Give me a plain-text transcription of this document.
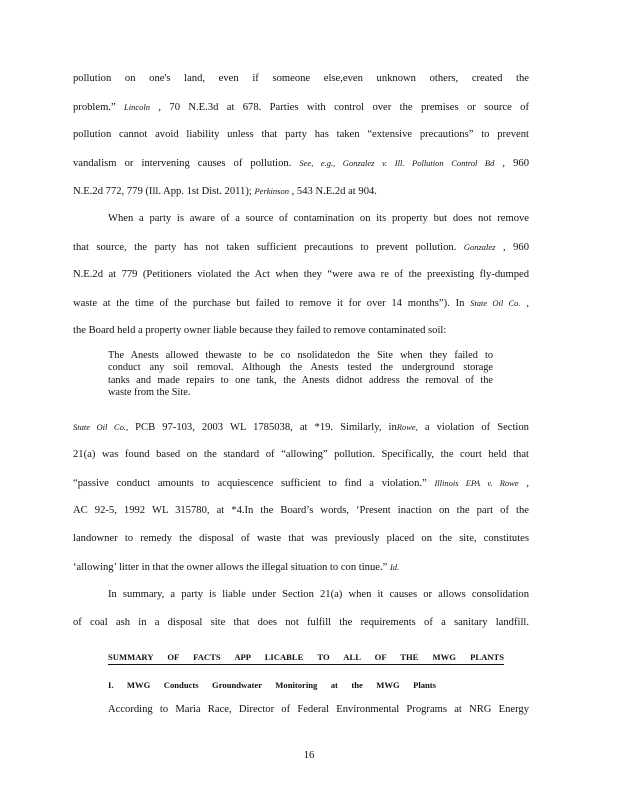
pollution on one's land, even if someone else,even unknown others, created the
problem.” Lincoln , 70 N.E.3d at 678. Parties with control over the premises or source of
pollution cannot avoid liability unless that party has taken “extensive precautions” to prevent
vandalism or intervening causes of pollution. See, e.g., Gonzalez v. Ill. Pollution Control Bd , 960
N.E.2d 772, 779 (Ill. App. 1st Dist. 2011); Perkinson , 543 N.E.2d at 904.
When a party is aware of a source of contamination on its property but does not remove
that source, the party has not taken sufficient precautions to prevent pollution. Gonzalez , 960
N.E.2d at 779 (Petitioners violated the Act when they “were awa re of the preexisting fly-dumped
waste at the time of the purchase but failed to remove it for over 14 months”). In State Oil Co. ,
the Board held a property owner liable because they failed to remove contaminated soil:
The Anests allowed thewaste to be co nsolidatedon the Site when they failed to
conduct any soil removal. Although the Anests tested the underground storage
tanks and made repairs to one tank, the Anests didnot address the removal of the
waste from the Site.
State Oil Co., PCB 97-103, 2003 WL 1785038, at *19. Similarly, inRowe, a violation of Section
21(a) was found based on the standard of “allowing” pollution. Specifically, the court held that
“passive conduct amounts to acquiescence sufficient to find a violation.” Illinois EPA v. Rowe ,
AC 92-5, 1992 WL 315780, at *4.In the Board’s words, ‘Present inaction on the part of the
landowner to remedy the disposal of waste that was previously placed on the site, constitutes
‘allowing’ litter in that the owner allows the illegal situation to con tinue.” Id.
In summary, a party is liable under Section 21(a) when it causes or allows consolidation
of coal ash in a disposal site that does not fulfill the requirements of a sanitary landfill.
SUMMARY OF FACTS APP LICABLE TO ALL OF THE MWG PLANTS
I. MWG Conducts Groundwater Monitoring at the MWG Plants
According to Maria Race, Director of Federal Environmental Programs at NRG Energy
16
